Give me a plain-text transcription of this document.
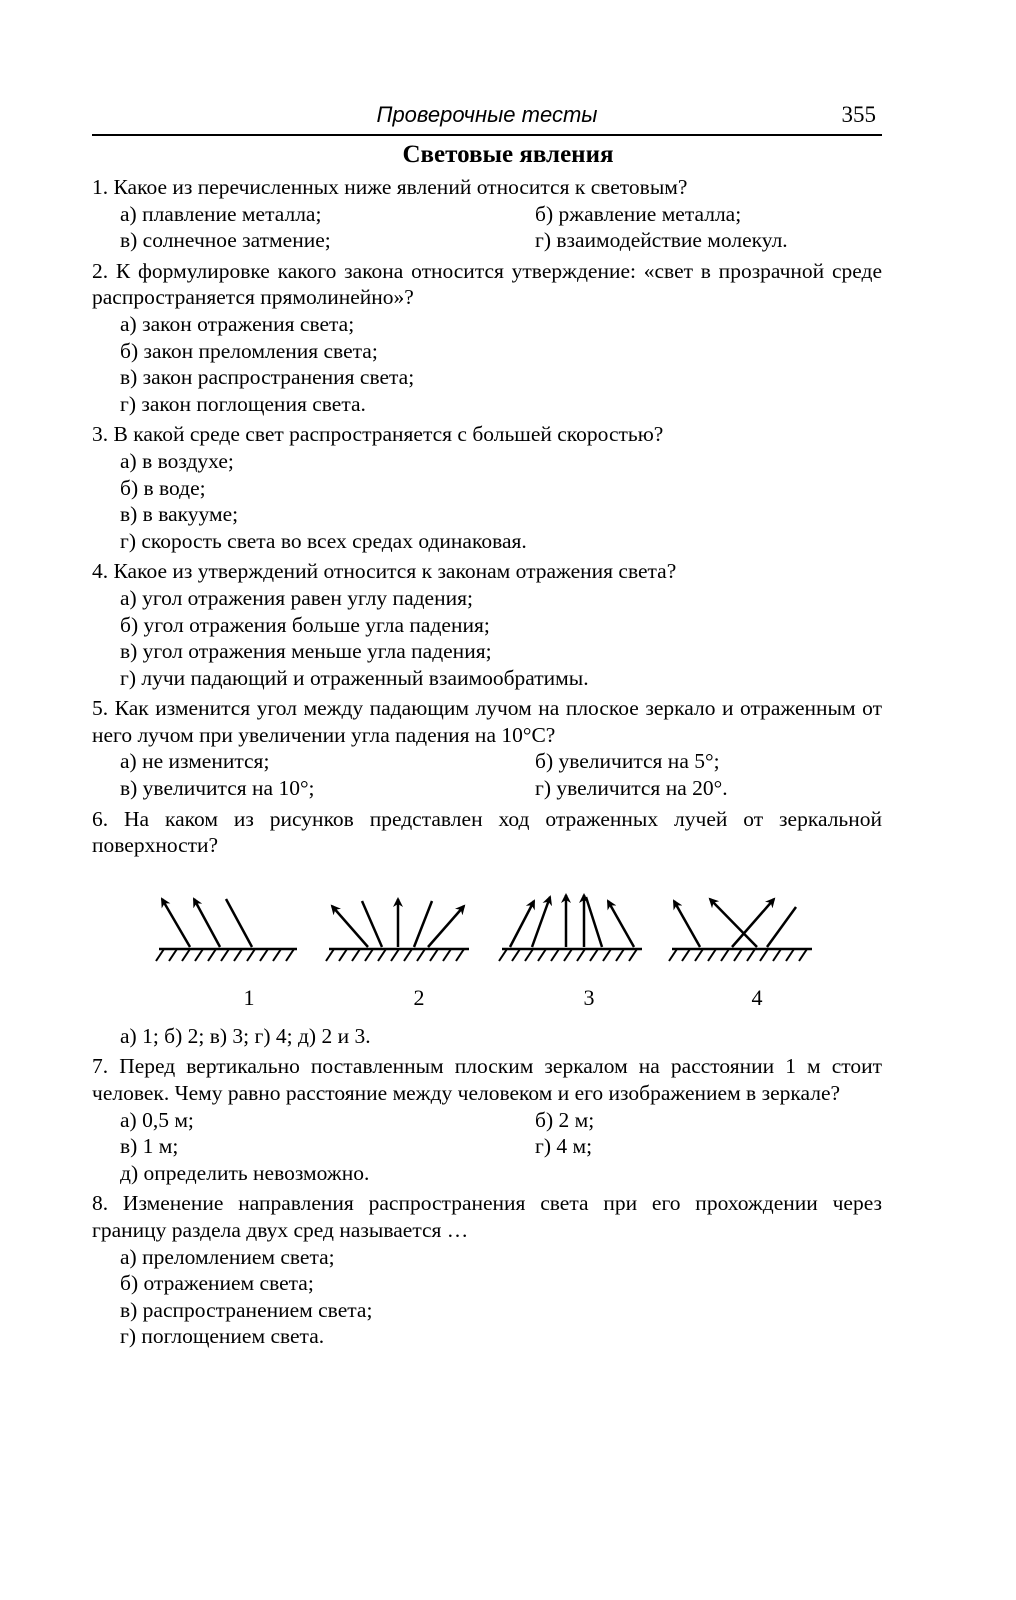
Проверочные тесты	355
Световые явления
1. Какое из перечисленных ниже явлений относится к световым?
а) плавление металла;	б) ржавление металла;
в) солнечное затмение;	г) взаимодействие молекул.
2. К формулировке какого закона относится утверждение: «свет в прозрачной среде распространяется прямолинейно»?
а) закон отражения света;
б) закон преломления света;
в) закон распространения света;
г) закон поглощения света.
3. В какой среде свет распространяется с большей скоростью?
а) в воздухе;
б) в воде;
в) в вакууме;
г) скорость света во всех средах одинаковая.
4. Какое из утверждений относится к законам отражения света?
а) угол отражения равен углу падения;
б) угол отражения больше угла падения;
в) угол отражения меньше угла падения;
г) лучи падающий и отраженный взаимообратимы.
5. Как изменится угол между падающим лучом на плоское зеркало и отраженным от него лучом при увеличении угла падения на 10°С?
а) не изменится;	б) увеличится на 5°;
в) увеличится на 10°;	г) увеличится на 20°.
6. На каком из рисунков представлен ход отраженных лучей от зеркальной поверхности?
1	2	3	4
а) 1; б) 2; в) 3; г) 4; д) 2 и 3.
7. Перед вертикально поставленным плоским зеркалом на расстоянии 1 м стоит человек. Чему равно расстояние между человеком и его изображением в зеркале?
а) 0,5 м;	б) 2 м;
в) 1 м;	г) 4 м;
д) определить невозможно.
8. Изменение направления распространения света при его прохождении через границу раздела двух сред называется …
а) преломлением света;
б) отражением света;
в) распространением света;
г) поглощением света.
